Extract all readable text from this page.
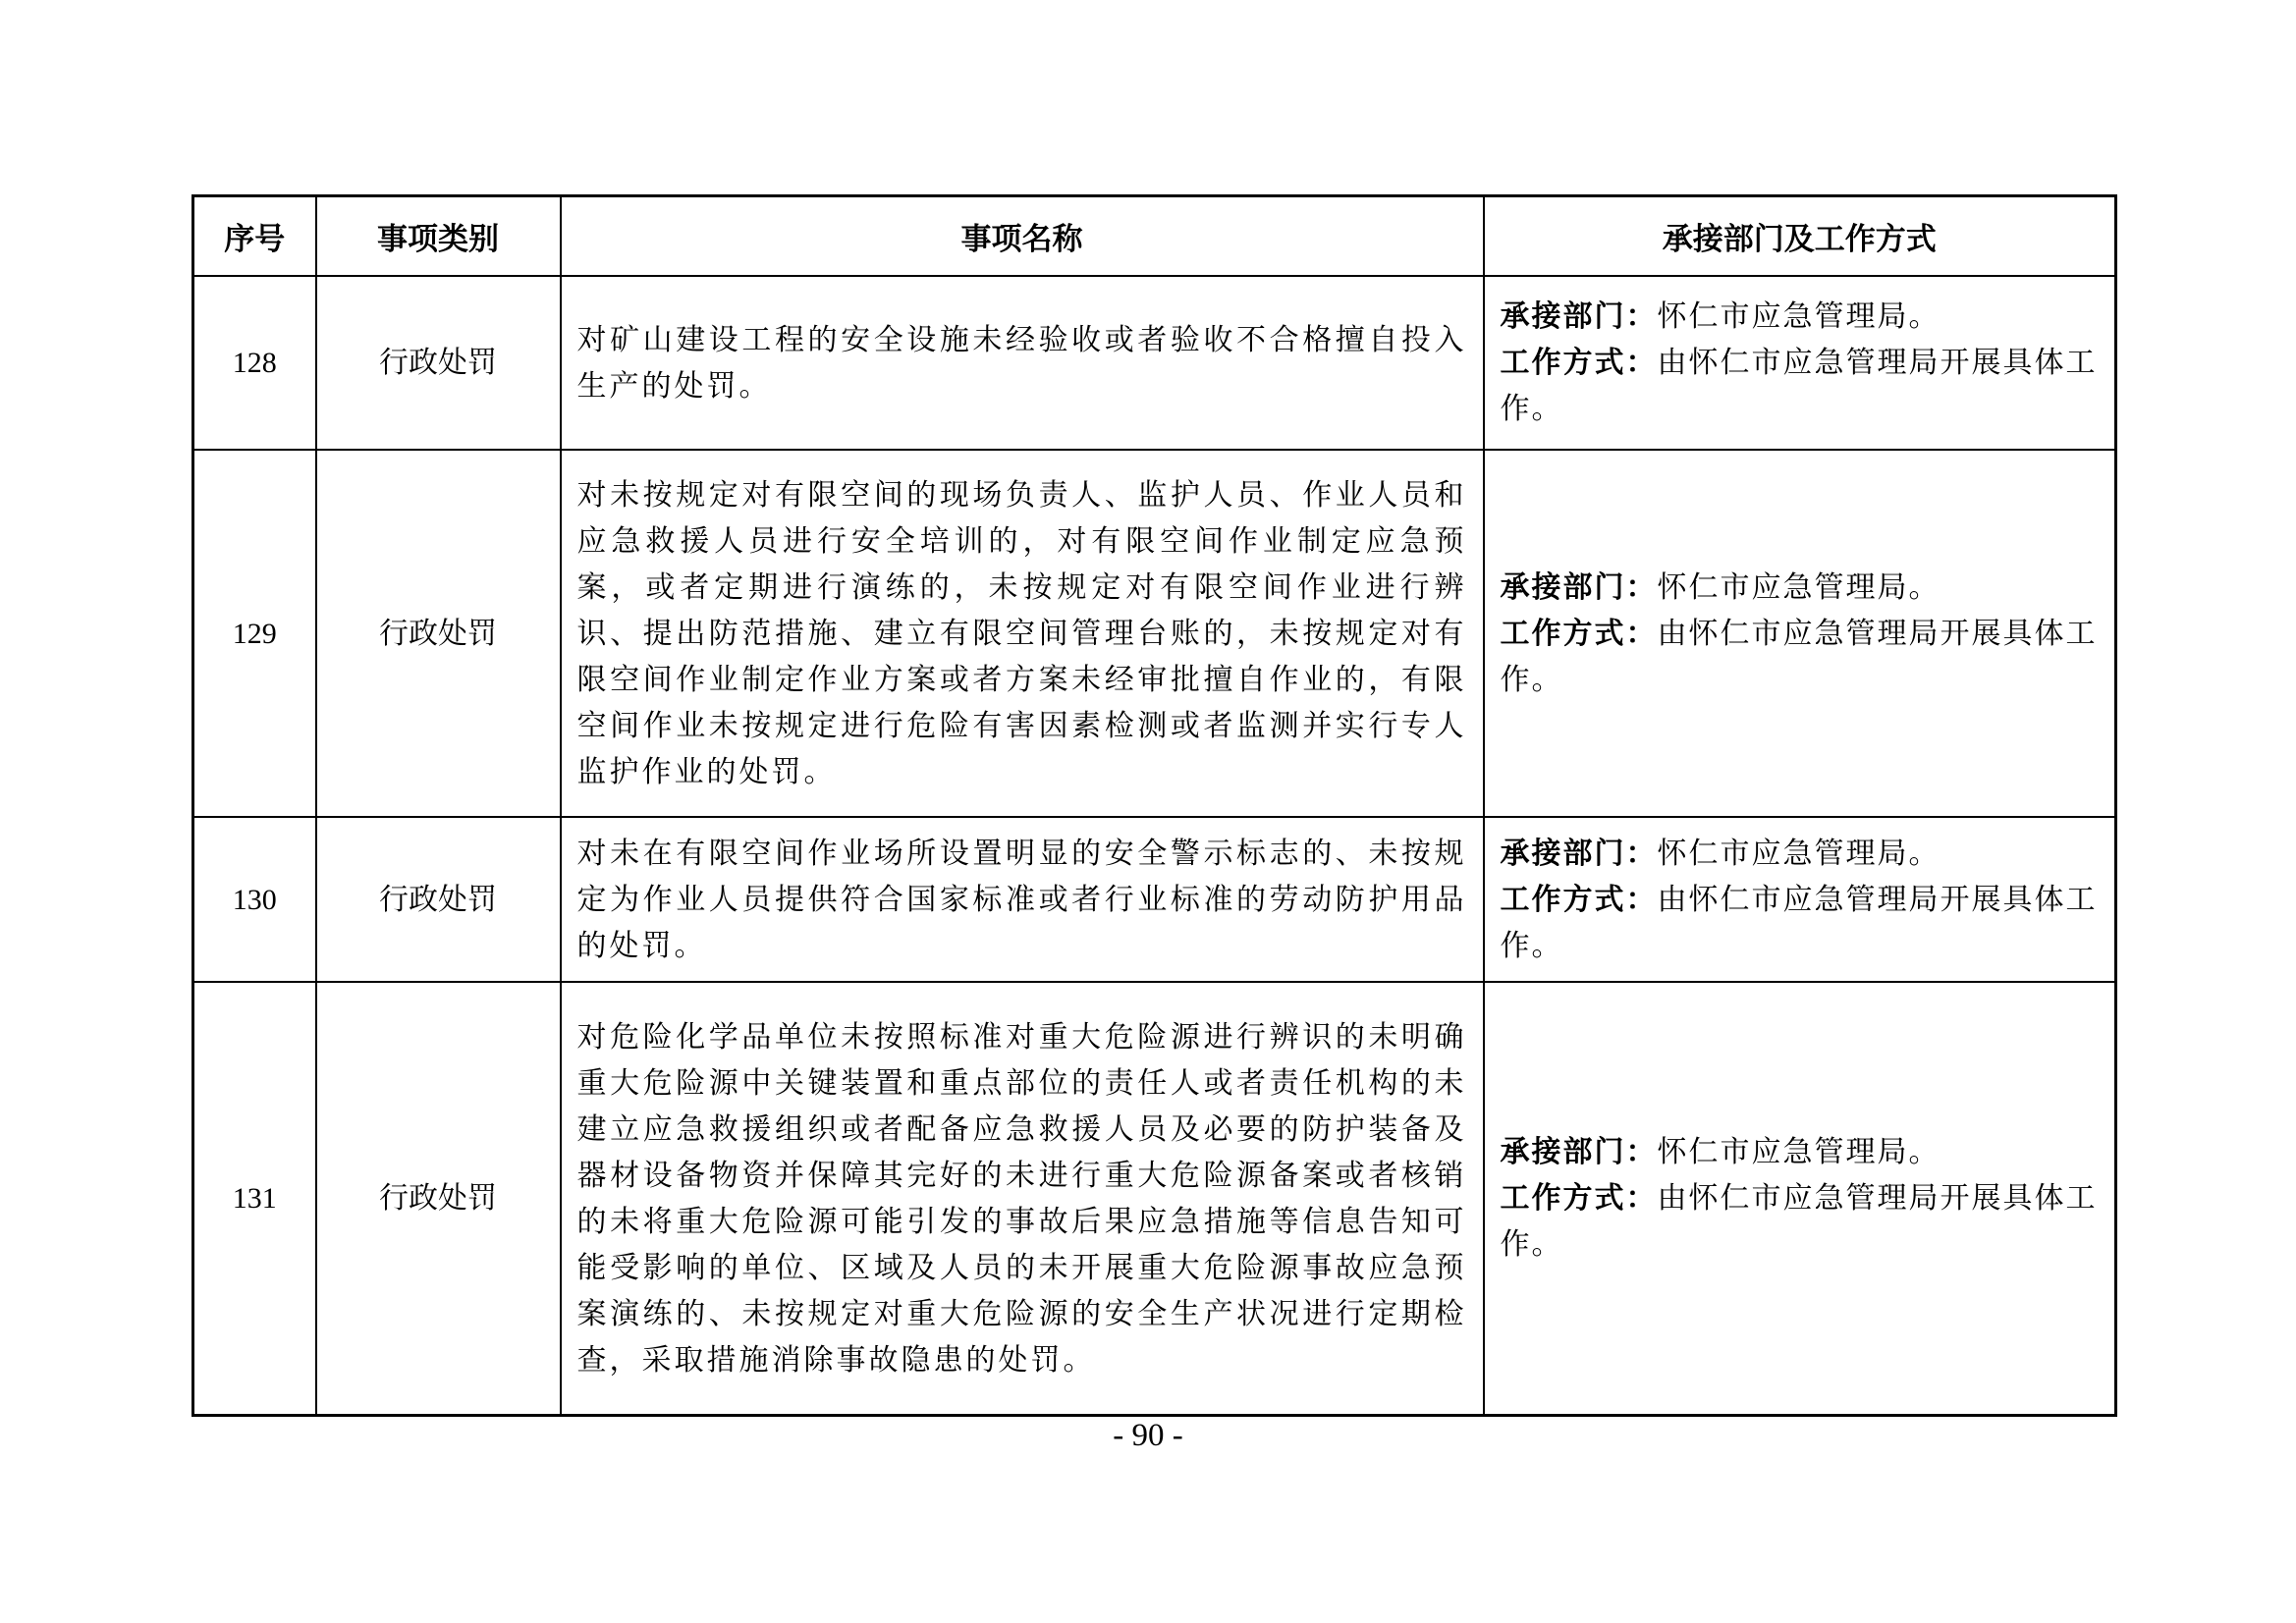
序号	事项类别	事项名称	承接部门及工作方式
128	行政处罚	对矿山建设工程的安全设施未经验收或者验收不合格擅自投入生产的处罚。	承接部门：怀仁市应急管理局。
工作方式：由怀仁市应急管理局开展具体工作。

129	行政处罚	对未按规定对有限空间的现场负责人、监护人员、作业人员和应急救援人员进行安全培训的，对有限空间作业制定应急预案，或者定期进行演练的，未按规定对有限空间作业进行辨识、提出防范措施、建立有限空间管理台账的，未按规定对有限空间作业制定作业方案或者方案未经审批擅自作业的，有限空间作业未按规定进行危险有害因素检测或者监测并实行专人监护作业的处罚。	承接部门：怀仁市应急管理局。
工作方式：由怀仁市应急管理局开展具体工作。

130	行政处罚	对未在有限空间作业场所设置明显的安全警示标志的、未按规定为作业人员提供符合国家标准或者行业标准的劳动防护用品的处罚。	承接部门：怀仁市应急管理局。
工作方式：由怀仁市应急管理局开展具体工作。

131	行政处罚	对危险化学品单位未按照标准对重大危险源进行辨识的未明确重大危险源中关键装置和重点部位的责任人或者责任机构的未建立应急救援组织或者配备应急救援人员及必要的防护装备及器材设备物资并保障其完好的未进行重大危险源备案或者核销的未将重大危险源可能引发的事故后果应急措施等信息告知可能受影响的单位、区域及人员的未开展重大危险源事故应急预案演练的、未按规定对重大危险源的安全生产状况进行定期检查，采取措施消除事故隐患的处罚。	承接部门：怀仁市应急管理局。
工作方式：由怀仁市应急管理局开展具体工作。
- 90 -
